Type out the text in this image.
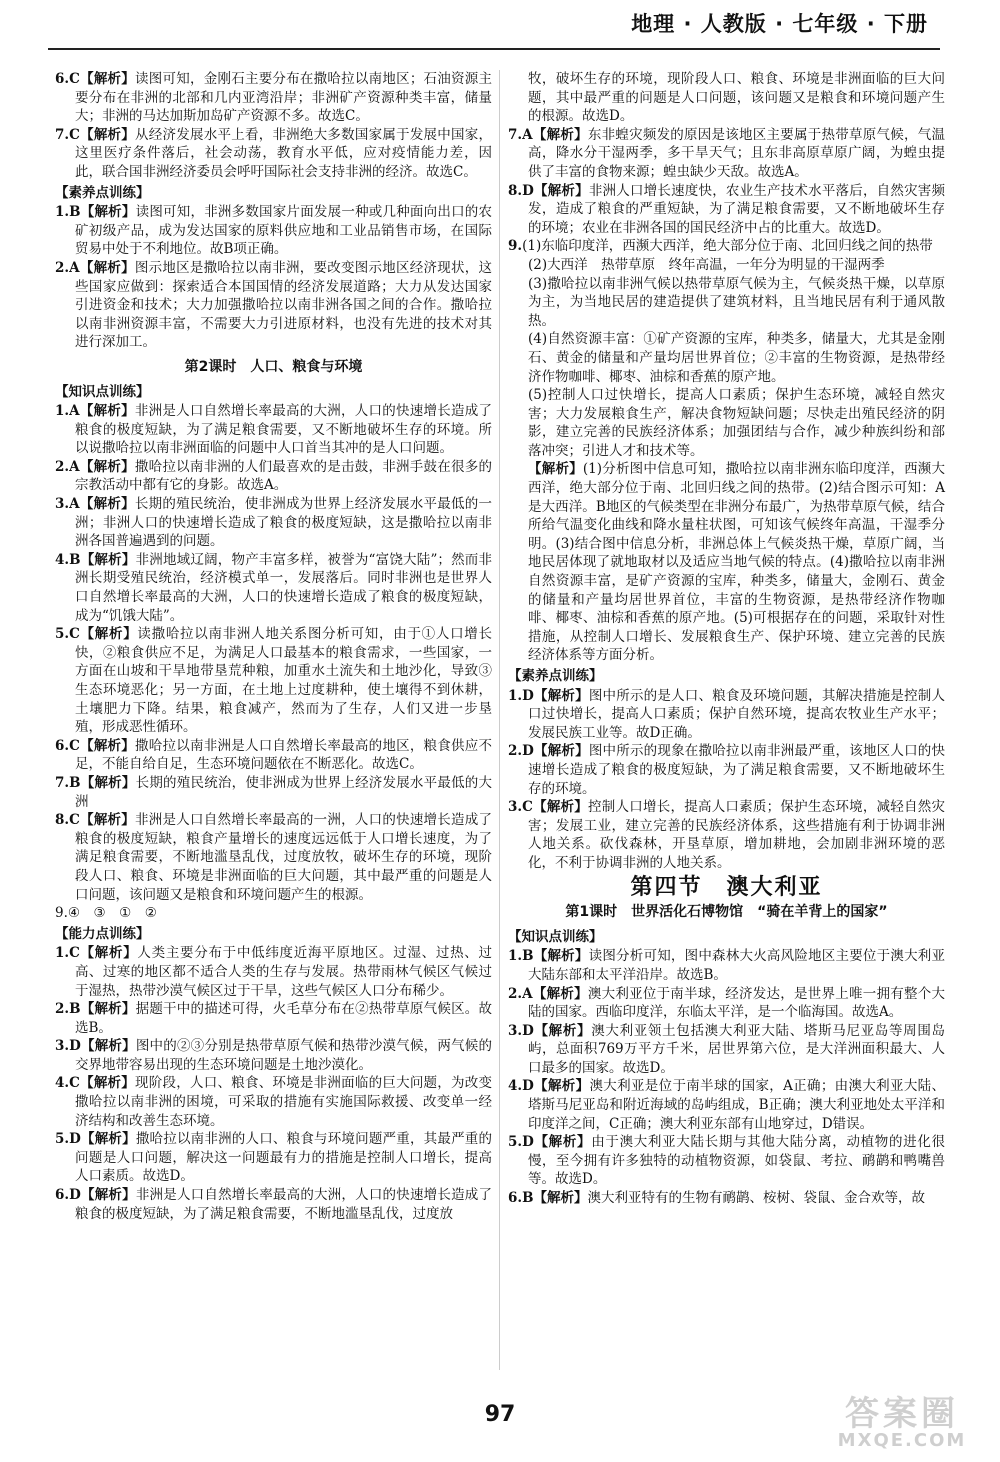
地理 · 人教版 · 七年级 · 下册

6.C【解析】读图可知，金刚石主要分布在撒哈拉以南地区；石油资源主要分布在非洲的北部和几内亚湾沿岸；非洲矿产资源种类丰富，储量大；非洲的马达加斯加岛矿产资源不多。故选C。

7.C【解析】从经济发展水平上看，非洲绝大多数国家属于发展中国家，这里医疗条件落后，社会动荡，教育水平低，应对疫情能力差，因此，联合国非洲经济委员会呼吁国际社会支持非洲的经济。故选C。

【素养点训练】

1.B【解析】读图可知，非洲多数国家片面发展一种或几种面向出口的农矿初级产品，成为发达国家的原料供应地和工业品销售市场，在国际贸易中处于不利地位。故B项正确。

2.A【解析】图示地区是撒哈拉以南非洲，要改变图示地区经济现状，这些国家应做到：探索适合本国国情的经济发展道路；大力从发达国家引进资金和技术；大力加强撒哈拉以南非洲各国之间的合作。撒哈拉以南非洲资源丰富，不需要大力引进原材料，也没有先进的技术对其进行深加工。

第2课时　人口、粮食与环境

【知识点训练】

1.A【解析】非洲是人口自然增长率最高的大洲，人口的快速增长造成了粮食的极度短缺，为了满足粮食需要，又不断地破坏生存的环境。所以说撒哈拉以南非洲面临的问题中人口首当其冲的是人口问题。

2.A【解析】撒哈拉以南非洲的人们最喜欢的是击鼓，非洲手鼓在很多的宗教活动中都有它的身影。故选A。

3.A【解析】长期的殖民统治，使非洲成为世界上经济发展水平最低的一洲；非洲人口的快速增长造成了粮食的极度短缺，这是撒哈拉以南非洲各国普遍遇到的问题。

4.B【解析】非洲地域辽阔，物产丰富多样，被誉为“富饶大陆”；然而非洲长期受殖民统治，经济模式单一，发展落后。同时非洲也是世界人口自然增长率最高的大洲，人口的快速增长造成了粮食的极度短缺，成为“饥饿大陆”。

5.C【解析】读撒哈拉以南非洲人地关系图分析可知，由于①人口增长快，②粮食供应不足，为满足人口最基本的粮食需求，一些国家，一方面在山坡和干旱地带垦荒种粮，加重水土流失和土地沙化，导致③生态环境恶化；另一方面，在土地上过度耕种，使土壤得不到休耕，土壤肥力下降。结果，粮食减产，然而为了生存，人们又进一步垦殖，形成恶性循环。

6.C【解析】撒哈拉以南非洲是人口自然增长率最高的地区，粮食供应不足，不能自给自足，生态环境问题依在不断恶化。故选C。

7.B【解析】长期的殖民统治，使非洲成为世界上经济发展水平最低的大洲

8.C【解析】非洲是人口自然增长率最高的一洲，人口的快速增长造成了粮食的极度短缺，粮食产量增长的速度远远低于人口增长速度，为了满足粮食需要，不断地滥垦乱伐，过度放牧，破坏生存的环境，现阶段人口、粮食、环境是非洲面临的巨大问题，其中最严重的问题是人口问题，该问题又是粮食和环境问题产生的根源。

9.④　③　①　②

【能力点训练】

1.C【解析】人类主要分布于中低纬度近海平原地区。过湿、过热、过高、过寒的地区都不适合人类的生存与发展。热带雨林气候区气候过于湿热，热带沙漠气候区过于干旱，这些气候区人口分布稀少。

2.B【解析】据题干中的描述可得，火毛草分布在②热带草原气候区。故选B。

3.D【解析】图中的②③分别是热带草原气候和热带沙漠气候，两气候的交界地带容易出现的生态环境问题是土地沙漠化。

4.C【解析】现阶段，人口、粮食、环境是非洲面临的巨大问题，为改变撒哈拉以南非洲的困境，可采取的措施有实施国际救援、改变单一经济结构和改善生态环境。

5.D【解析】撒哈拉以南非洲的人口、粮食与环境问题严重，其最严重的问题是人口问题，解决这一问题最有力的措施是控制人口增长，提高人口素质。故选D。

6.D【解析】非洲是人口自然增长率最高的大洲，人口的快速增长造成了粮食的极度短缺，为了满足粮食需要，不断地滥垦乱伐，过度放

牧，破坏生存的环境，现阶段人口、粮食、环境是非洲面临的巨大问题，其中最严重的问题是人口问题，该问题又是粮食和环境问题产生的根源。故选D。

7.A【解析】东非蝗灾频发的原因是该地区主要属于热带草原气候，气温高，降水分干湿两季，多干旱天气；且东非高原草原广阔，为蝗虫提供了丰富的食物来源；蝗虫缺少天敌。故选A。

8.D【解析】非洲人口增长速度快，农业生产技术水平落后，自然灾害频发，造成了粮食的严重短缺，为了满足粮食需要，又不断地破坏生存的环境；农业在非洲各国的国民经济中占的比重大。故选D。

9.(1)东临印度洋，西濒大西洋，绝大部分位于南、北回归线之间的热带

(2)大西洋　热带草原　终年高温，一年分为明显的干湿两季

(3)撒哈拉以南非洲气候以热带草原气候为主，气候炎热干燥，以草原为主，为当地民居的建造提供了建筑材料，且当地民居有利于通风散热。

(4)自然资源丰富：①矿产资源的宝库，种类多，储量大，尤其是金刚石、黄金的储量和产量均居世界首位；②丰富的生物资源，是热带经济作物咖啡、椰枣、油棕和香蕉的原产地。

(5)控制人口过快增长，提高人口素质；保护生态环境，减轻自然灾害；大力发展粮食生产，解决食物短缺问题；尽快走出殖民经济的阴影，建立完善的民族经济体系；加强团结与合作，减少种族纠纷和部落冲突；引进人才和技术等。

【解析】(1)分析图中信息可知，撒哈拉以南非洲东临印度洋，西濒大西洋，绝大部分位于南、北回归线之间的热带。(2)结合图示可知：A是大西洋。B地区的气候类型在非洲分布最广，为热带草原气候，结合所给气温变化曲线和降水量柱状图，可知该气候终年高温，干湿季分明。(3)结合图中信息分析，非洲总体上气候炎热干燥，草原广阔，当地民居体现了就地取材以及适应当地气候的特点。(4)撒哈拉以南非洲自然资源丰富，是矿产资源的宝库，种类多，储量大，金刚石、黄金的储量和产量均居世界首位，丰富的生物资源，是热带经济作物咖啡、椰枣、油棕和香蕉的原产地。(5)可根据存在的问题，采取针对性措施，从控制人口增长、发展粮食生产、保护环境、建立完善的民族经济体系等方面分析。

【素养点训练】

1.D【解析】图中所示的是人口、粮食及环境问题，其解决措施是控制人口过快增长，提高人口素质；保护自然环境，提高农牧业生产水平；发展民族工业等。故D正确。

2.D【解析】图中所示的现象在撒哈拉以南非洲最严重，该地区人口的快速增长造成了粮食的极度短缺，为了满足粮食需要，又不断地破坏生存的环境。

3.C【解析】控制人口增长，提高人口素质；保护生态环境，减轻自然灾害；发展工业，建立完善的民族经济体系，这些措施有利于协调非洲人地关系。砍伐森林，开垦草原，增加耕地，会加剧非洲环境的恶化，不利于协调非洲的人地关系。

第四节　澳大利亚

第1课时　世界活化石博物馆　“骑在羊背上的国家”

【知识点训练】

1.B【解析】读图分析可知，图中森林大火高风险地区主要位于澳大利亚大陆东部和太平洋沿岸。故选B。

2.A【解析】澳大利亚位于南半球，经济发达，是世界上唯一拥有整个大陆的国家。西临印度洋，东临太平洋，是一个临海国。故选A。

3.D【解析】澳大利亚领土包括澳大利亚大陆、塔斯马尼亚岛等周围岛屿，总面积769万平方千米，居世界第六位，是大洋洲面积最大、人口最多的国家。故选D。

4.D【解析】澳大利亚是位于南半球的国家，A正确；由澳大利亚大陆、塔斯马尼亚岛和附近海域的岛屿组成，B正确；澳大利亚地处太平洋和印度洋之间，C正确；澳大利亚东部有山地穿过，D错误。

5.D【解析】由于澳大利亚大陆长期与其他大陆分离，动植物的进化很慢，至今拥有许多独特的动植物资源，如袋鼠、考拉、鸸鹋和鸭嘴兽等。故选D。

6.B【解析】澳大利亚特有的生物有鸸鹋、桉树、袋鼠、金合欢等，故

97	答案圈
MXQE.COM
